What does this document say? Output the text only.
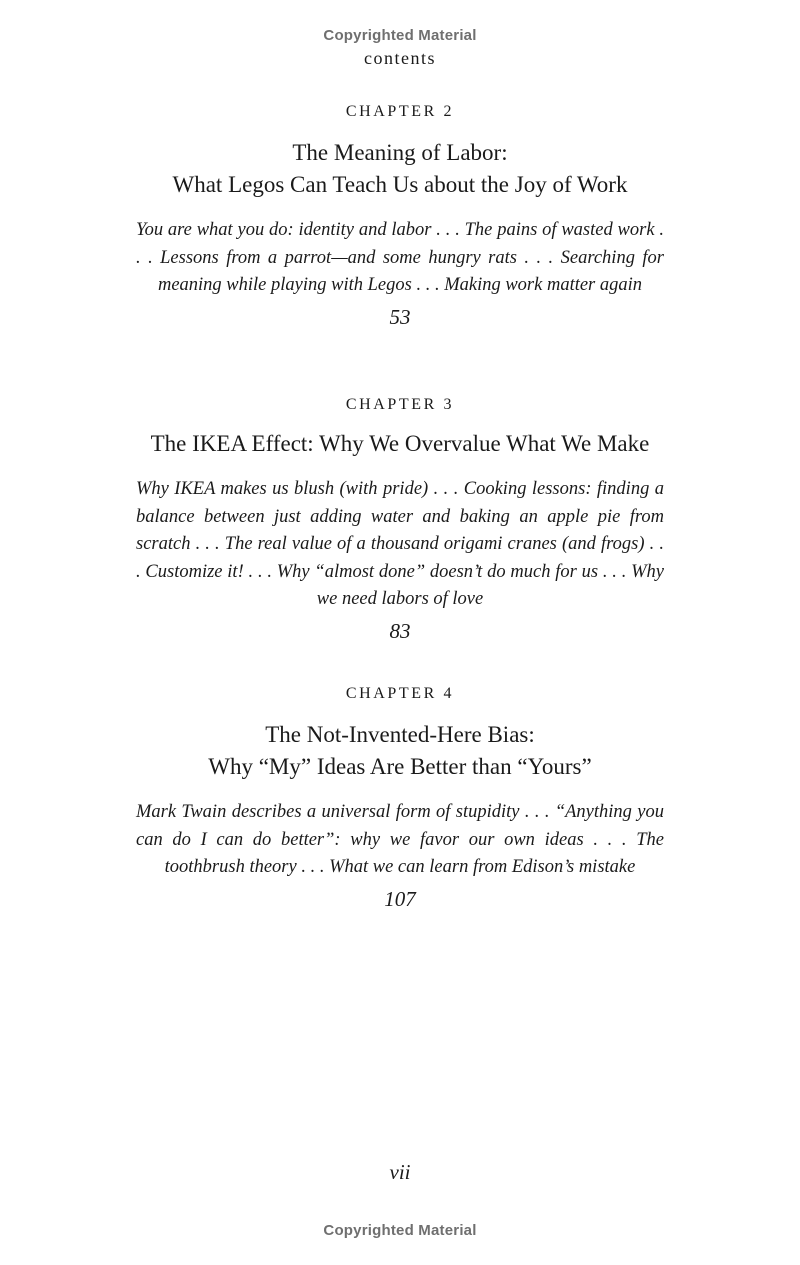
Copyrighted Material
contents

CHAPTER 2

The Meaning of Labor:
What Legos Can Teach Us about the Joy of Work

You are what you do: identity and labor . . . The pains of wasted work . . . Lessons from a parrot—and some hungry rats . . . Searching for meaning while playing with Legos . . . Making work matter again

53

CHAPTER 3

The IKEA Effect: Why We Overvalue What We Make

Why IKEA makes us blush (with pride) . . . Cooking lessons: finding a balance between just adding water and baking an apple pie from scratch . . . The real value of a thousand origami cranes (and frogs) . . . Customize it! . . . Why “almost done” doesn’t do much for us . . . Why we need labors of love

83

CHAPTER 4

The Not-Invented-Here Bias:
Why “My” Ideas Are Better than “Yours”

Mark Twain describes a universal form of stupidity . . . “Anything you can do I can do better”: why we favor our own ideas . . . The toothbrush theory . . . What we can learn from Edison’s mistake

107

vii
Copyrighted Material
